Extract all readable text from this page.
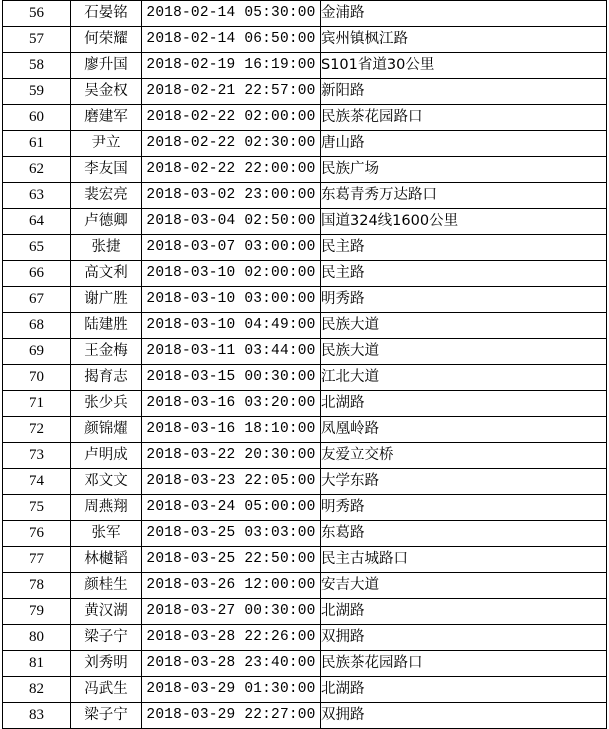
56	石晏铭	2018-02-14 05:30:00	金浦路
57	何荣耀	2018-02-14 06:50:00	宾州镇枫江路
58	廖升国	2018-02-19 16:19:00	S101省道30公里
59	吴金权	2018-02-21 22:57:00	新阳路
60	磨建军	2018-02-22 02:00:00	民族茶花园路口
61	尹立	2018-02-22 02:30:00	唐山路
62	李友国	2018-02-22 22:00:00	民族广场
63	裴宏亮	2018-03-02 23:00:00	东葛青秀万达路口
64	卢德卿	2018-03-04 02:50:00	国道324线1600公里
65	张捷	2018-03-07 03:00:00	民主路
66	高文利	2018-03-10 02:00:00	民主路
67	谢广胜	2018-03-10 03:00:00	明秀路
68	陆建胜	2018-03-10 04:49:00	民族大道
69	王金梅	2018-03-11 03:44:00	民族大道
70	揭育志	2018-03-15 00:30:00	江北大道
71	张少兵	2018-03-16 03:20:00	北湖路
72	颜锦燿	2018-03-16 18:10:00	凤凰岭路
73	卢明成	2018-03-22 20:30:00	友爱立交桥
74	邓文文	2018-03-23 22:05:00	大学东路
75	周燕翔	2018-03-24 05:00:00	明秀路
76	张军	2018-03-25 03:03:00	东葛路
77	林樾韬	2018-03-25 22:50:00	民主古城路口
78	颜桂生	2018-03-26 12:00:00	安吉大道
79	黄汉湖	2018-03-27 00:30:00	北湖路
80	梁子宁	2018-03-28 22:26:00	双拥路
81	刘秀明	2018-03-28 23:40:00	民族茶花园路口
82	冯武生	2018-03-29 01:30:00	北湖路
83	梁子宁	2018-03-29 22:27:00	双拥路
